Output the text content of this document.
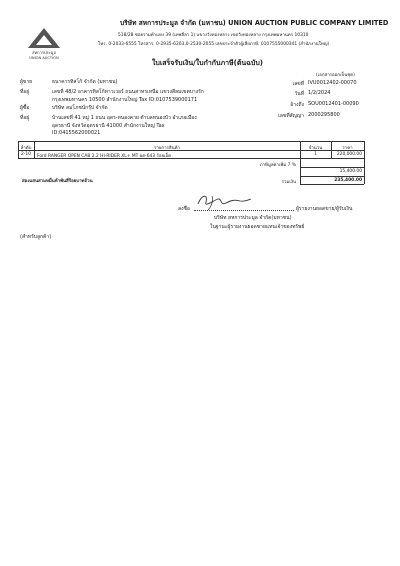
สหการประมูล
UNION AUCTION
บริษัท สหการประมูล จำกัด (มหาชน) UNION AUCTION PUBLIC COMPANY LIMITED
518/28 ซอยรามคำแหง 39 (เทพลีลา 1) แขวงวังทองหลาง เขตวังทองหลาง กรุงเทพมหานคร 10310
โทร. 0-2033-6555 โทรสาร. 0-2935-6203,0-2530-2055 เลขประจำตัวผู้เสียภาษี. 0107555000341 (สำนักงานใหญ่)
ใบเสร็จรับเงิน/ใบกำกับภาษี(ต้นฉบับ)
(เอกสารออกเป็นชุด)
ผู้ขาย	ธนาคารทิสโก้ จำกัด (มหาชน)
ที่อยู่	เลขที่ 48/2 อาคารทิสโก้ทาวเวอร์ ถนนสาทรเหนือ แขวงสีลมเขตบางรัก
กรุงเทพมหานคร 10500 สำนักงานใหญ่ Tax ID:0107539000171
เลขที่ IVU0012402-00070
วันที่ 1/2/2024
อ้างถึง SOU0012401-00090
เลขที่สัญญา 2000295800
ผู้ซื้อ	บริษัท สมโภชน์กรุ๊ป จำกัด
ที่อยู่	บ้านเลขที่ 41 หมู่ 1 ถนน อุดร-หนองคาย ตำบลหนองบัว อำเภอเมือง
อุดรธานี จังหวัดอุดรธานี 41000 สำนักงานใหญ่ Tax
ID:0415562000021
ลำดับ	รายการสินค้า	จำนวน	ราคา
2-10	Ford RANGER OPEN CAB 2.2 HI-RIDER XL+ MT ผต-643 ร้อยเอ็ด	1	220,000.00
ภาษีมูลค่าเพิ่ม 7 %
15,400.00
สองแสนสามหมื่นห้าพันสี่ร้อยบาทถ้วน	รวมเงิน	235,400.00
ลงชื่อ	ผู้รายงานยอดขาย/ผู้รับเงิน
บริษัท สหการประมูล จำกัด(มหาชน)
ในฐานะผู้รายงานยอดขายแทนเจ้าของทรัพย์
(สำหรับลูกค้า)
